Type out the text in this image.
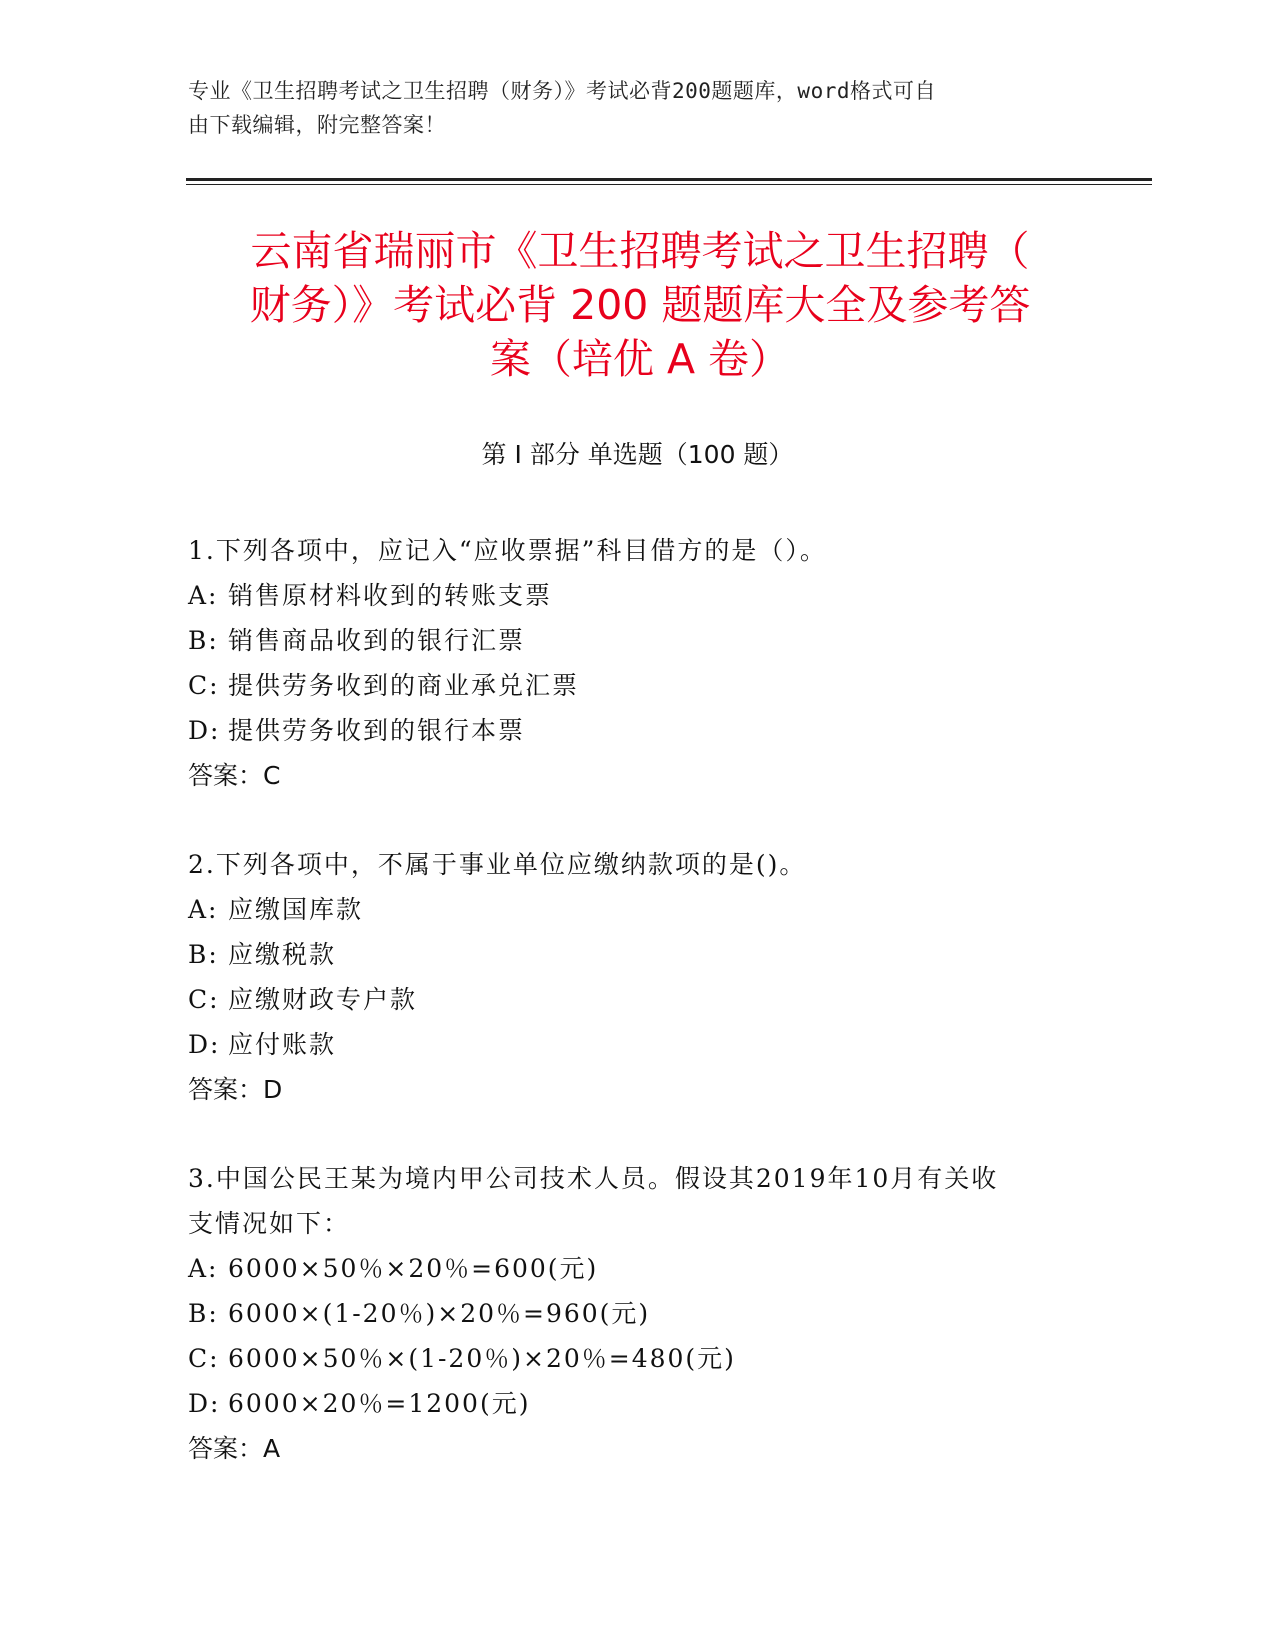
专业《卫生招聘考试之卫生招聘（财务）》考试必背200题题库，word格式可自
由下载编辑，附完整答案！
云南省瑞丽市《卫生招聘考试之卫生招聘（
财务）》考试必背 200 题题库大全及参考答
案（培优 A 卷）
第 I 部分 单选题（100 题）
1.下列各项中，应记入“应收票据”科目借方的是（）。
A: 销售原材料收到的转账支票
B: 销售商品收到的银行汇票
C: 提供劳务收到的商业承兑汇票
D: 提供劳务收到的银行本票
答案：C
2.下列各项中，不属于事业单位应缴纳款项的是()。
A: 应缴国库款
B: 应缴税款
C: 应缴财政专户款
D: 应付账款
答案：D
3.中国公民王某为境内甲公司技术人员。假设其2019年10月有关收
支情况如下：
A: 6000×50％×20％=600(元)
B: 6000×(1-20％)×20％=960(元)
C: 6000×50％×(1-20％)×20％=480(元)
D: 6000×20％=1200(元)
答案：A
